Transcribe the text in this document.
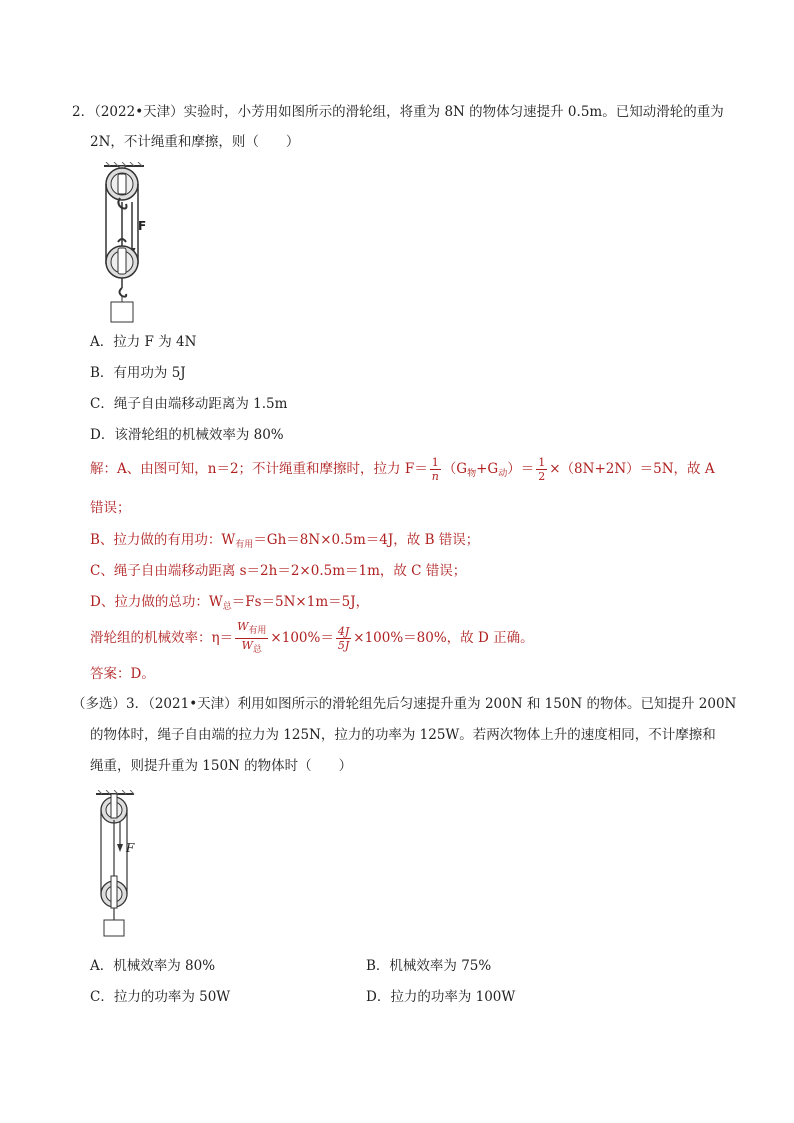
2．（2022•天津）实验时，小芳用如图所示的滑轮组，将重为 8N 的物体匀速提升 0.5m。已知动滑轮的重为
2N，不计绳重和摩擦，则（　　）
F
A．拉力 F 为 4N
B．有用功为 5J
C．绳子自由端移动距离为 1.5m
D．该滑轮组的机械效率为 80%
解：A、由图可知，n＝2；不计绳重和摩擦时，拉力 $F= \frac{1}{n} (G_物+G_动)= \frac{1}{2} \times(8N+2N)=5N$，故 A
错误；
B、拉力做的有用功：$W_{有用}=Gh=8N\times 0.5m=4J$，故 B 错误；
C、绳子自由端移动距离 s＝2h＝2×0.5m＝1m，故 C 错误；
D、拉力做的总功：$W_总=Fs=5N\times 1m=5J$，
滑轮组的机械效率：$\eta= \frac{W_{有用}}{W_总} \times 100\%= \frac{4J}{5J} \times 100\%=80\%$，故 D 正确。
答案：D。
（多选）3．（2021•天津）利用如图所示的滑轮组先后匀速提升重为 200N 和 150N 的物体。已知提升 200N
的物体时，绳子自由端的拉力为 125N，拉力的功率为 125W。若两次物体上升的速度相同，不计摩擦和
绳重，则提升重为 150N 的物体时（　　）
F
A．机械效率为 80%	B．机械效率为 75%
C．拉力的功率为 50W	D．拉力的功率为 100W
